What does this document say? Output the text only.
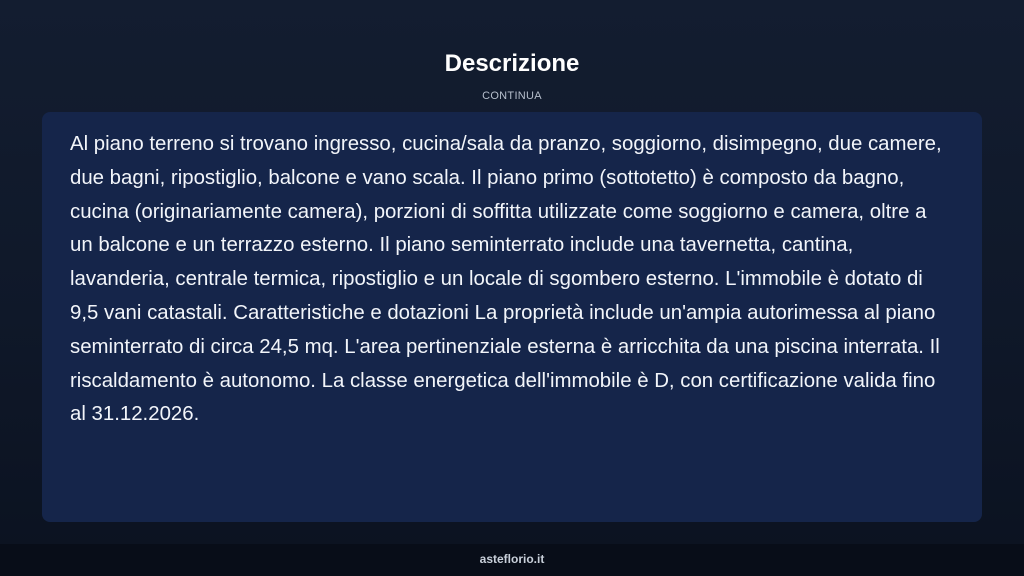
Descrizione
CONTINUA

Al piano terreno si trovano ingresso, cucina/sala da pranzo, soggiorno, disimpegno, due camere, due bagni, ripostiglio, balcone e vano scala. Il piano primo (sottotetto) è composto da bagno, cucina (originariamente camera), porzioni di soffitta utilizzate come soggiorno e camera, oltre a un balcone e un terrazzo esterno. Il piano seminterrato include una tavernetta, cantina, lavanderia, centrale termica, ripostiglio e un locale di sgombero esterno. L'immobile è dotato di 9,5 vani catastali. Caratteristiche e dotazioni La proprietà include un'ampia autorimessa al piano seminterrato di circa 24,5 mq. L'area pertinenziale esterna è arricchita da una piscina interrata. Il riscaldamento è autonomo. La classe energetica dell'immobile è D, con certificazione valida fino al 31.12.2026.

asteflorio.it
